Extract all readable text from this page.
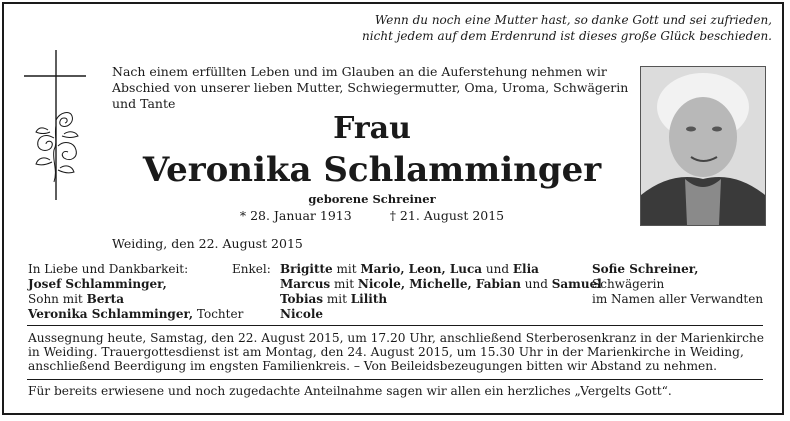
Wenn du noch eine Mutter hast, so danke Gott und sei zufrieden,
nicht jedem auf dem Erdenrund ist dieses große Glück beschieden.
Nach einem erfüllten Leben und im Glauben an die Auferstehung nehmen wir
Abschied von unserer lieben Mutter, Schwiegermutter, Oma, Uroma, Schwägerin
und Tante
Frau
Veronika Schlamminger
geborene Schreiner
* 28. Januar 1913	† 21. August 2015
Weiding, den 22. August 2015
In Liebe und Dankbarkeit:
Josef Schlamminger,
Sohn mit Berta
Veronika Schlamminger, Tochter
Enkel: Brigitte mit Mario, Leon, Luca und Elia
Marcus mit Nicole, Michelle, Fabian und Samuel
Tobias mit Lilith
Nicole
Sofie Schreiner,
Schwägerin
im Namen aller Verwandten
Aussegnung heute, Samstag, den 22. August 2015, um 17.20 Uhr, anschließend Sterberosenkranz in der Marienkirche
in Weiding. Trauergottesdienst ist am Montag, den 24. August 2015, um 15.30 Uhr in der Marienkirche in Weiding,
anschließend Beerdigung im engsten Familienkreis. – Von Beileidsbezeugungen bitten wir Abstand zu nehmen.
Für bereits erwiesene und noch zugedachte Anteilnahme sagen wir allen ein herzliches „Vergelts Gott“.
